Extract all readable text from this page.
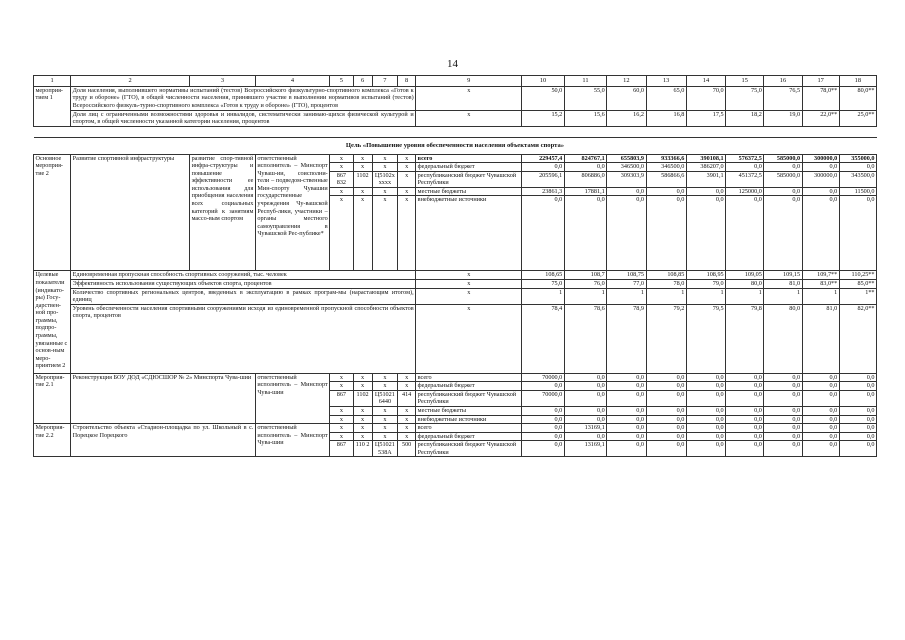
14
1	2	3	4	5	6	7	8	9	10	11	12	13	14	15	16	17	18
мероприя-тием 1	Доля населения, выполнившего нормативы испытаний (тестов) Всероссийского физкультурно-спортивного комплекса «Готов к труду и обороне» (ГТО), в общей численности населения, принявшего участие в выполнении нормативов испытаний (тестов) Всероссийского физкуль-турно-спортивного комплекса «Готов к труду и обороне» (ГТО), процентов							x	50,0	55,0	60,0	65,0	70,0	75,0	76,5	78,0**	80,0**
	Доля лиц с ограниченными возможностями здоровья и инвалидов, систематически занимаю-щихся физической культурой и спортом, в общей численности указанной категории населения, процентов							x	15,2	15,6	16,2	16,8	17,5	18,2	19,0	22,0**	25,0**

Цель «Повышение уровня обеспеченности населения объектами спорта»																	
Основное мероприя-тие 2	Развитие спортивной инфраструктуры	развитие спор-тивной инфра-структуры и повышение эффективности ее использования для приобщения населения всех социальных категорий к занятиям массо-вым спортом	ответственный исполнитель – Минспорт Чуваш-ии, соисполни-тели – подведом-ственные Мин-спорту Чувашии государственные учреждения Чу-вашской Респуб-лики, участники – органы местного самоуправления в Чувашской Рес-публике*	x	x	x	x	всего	229457,4	824767,1	655803,9	933366,6	390108,1	576372,5	585000,0	300000,0	355000,0
				x	x	x	x	федеральный бюджет	0,0	0,0	346500,0	346500,0	386207,0	0,0	0,0	0,0	0,0
				867 832	1102	Ц5102х хххх	х	республиканский бюджет Чувашской Республики	205596,1	806886,0	309303,9	586866,6	3901,1	451372,5	585000,0	300000,0	343500,0
				x	x	x	x	местные бюджеты	23861,3	17881,1	0,0	0,0	0,0	125000,0	0,0	0,0	11500,0
				x	x	x	x	внебюджетные источники	0,0	0,0	0,0	0,0	0,0	0,0	0,0	0,0	0,0
Целевые показатели (индикато-ры) Госу-дарствен-ной про-граммы, подпро-граммы, увязанные с основ-ным меро-приятием 2	Единовременная пропускная способность спортивных сооружений, тыс. человек							x	108,65	108,7	108,75	108,85	108,95	109,05	109,15	109,7**	110,25**
	Эффективность использования существующих объектов спорта, процентов							x	75,0	76,0	77,0	78,0	79,0	80,0	81,0	83,0**	85,0**
	Количество спортивных региональных центров, введенных в эксплуатацию в рамках програм-мы (нарастающим итогом), единиц							x	1	1	1	1	1	1	1	1	1**
	Уровень обеспеченности населения спортивными сооружениями исходя из единовременной пропускной способности объектов спорта, процентов							x	78,4	78,6	78,9	79,2	79,5	79,8	80,0	81,0	82,0**
Мероприя-тие 2.1	Реконструкция БОУ ДОД «СДЮСШОР № 2» Минспорта Чува-шии		ответственный исполнитель – Минспорт Чува-шии	x	x	x	x	всего	70000,0	0,0	0,0	0,0	0,0	0,0	0,0	0,0	0,0
				x	x	x	x	федеральный бюджет	0,0	0,0	0,0	0,0	0,0	0,0	0,0	0,0	0,0
				867	1102	Ц51021 6440	414	республиканский бюджет Чувашской Республики	70000,0	0,0	0,0	0,0	0,0	0,0	0,0	0,0	0,0
				x	x	x	x	местные бюджеты	0,0	0,0	0,0	0,0	0,0	0,0	0,0	0,0	0,0
				x	x	x	x	внебюджетные источники	0,0	0,0	0,0	0,0	0,0	0,0	0,0	0,0	0,0
Мероприя-тие 2.2	Строительство объекта «Стадион-площадка по ул. Школьный в с. Порецкое Порецкого		ответственный исполнитель – Минспорт Чува-шии	x	x	x	x	всего	0,0	13169,1	0,0	0,0	0,0	0,0	0,0	0,0	0,0
				x	x	x	x	федеральный бюджет	0,0	0,0	0,0	0,0	0,0	0,0	0,0	0,0	0,0
				867	110 2	Ц51021 538А	500	республиканский бюджет Чувашской Республики	0,0	13169,1	0,0	0,0	0,0	0,0	0,0	0,0	0,0
